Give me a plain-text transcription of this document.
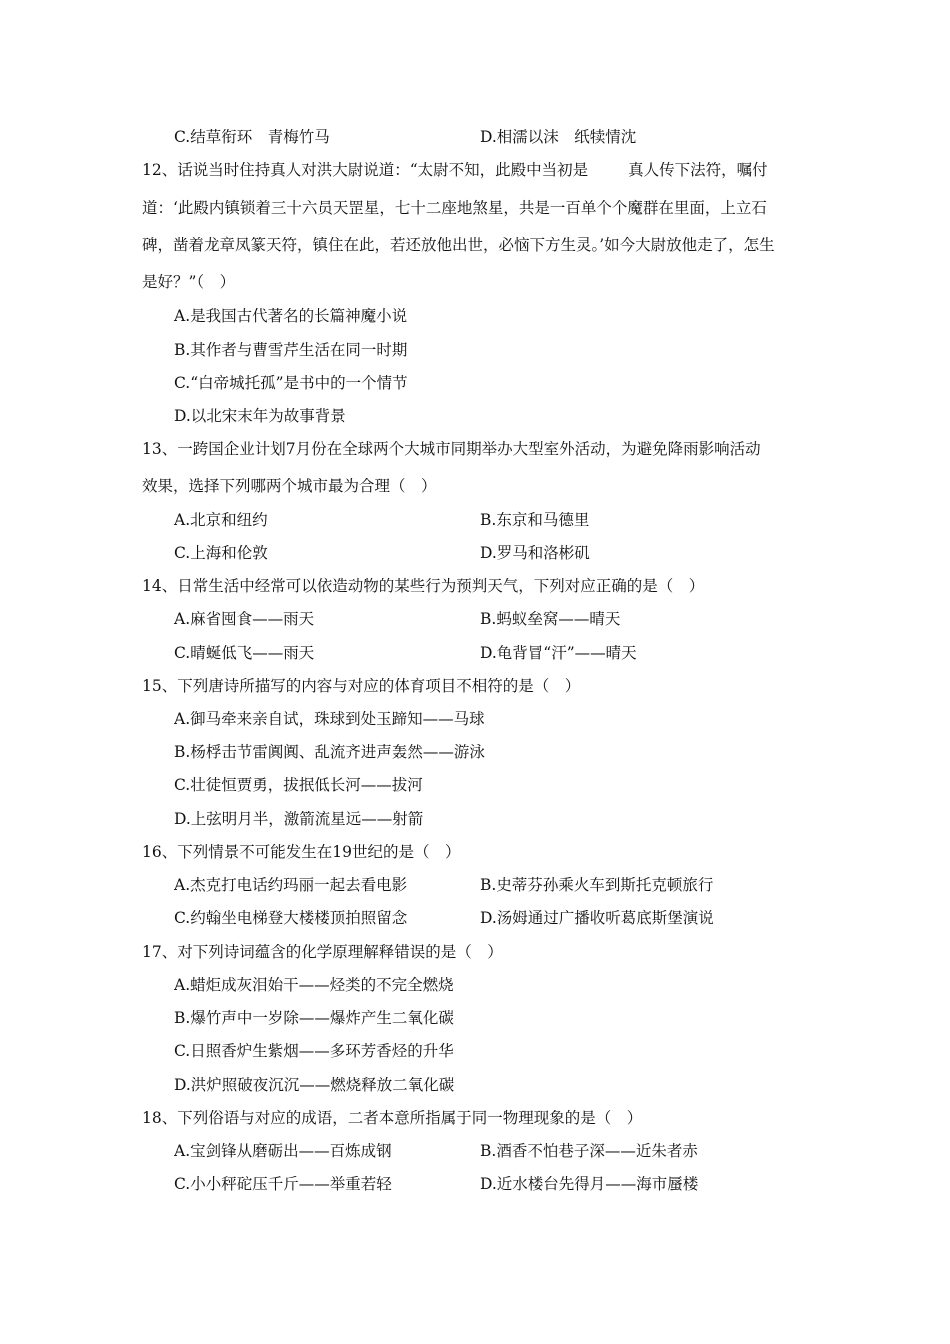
C.结草衔环　青梅竹马	D.相濡以沫　纸犊情沈
12、话说当时住持真人对洪大尉说道：“太尉不知，此殿中当初是	真人传下法符，嘱付
道：‘此殿内镇锁着三十六员天罡星，七十二座地煞星，共是一百单个个魔群在里面，上立石
碑，凿着龙章凤篆天符，镇住在此，若还放他出世，必恼下方生灵。’如今大尉放他走了，怎生
是好？”（　）
A.是我国古代著名的长篇神魔小说
B.其作者与曹雪芹生活在同一时期
C.“白帝城托孤”是书中的一个情节
D.以北宋末年为故事背景
13、一跨国企业计划7月份在全球两个大城市同期举办大型室外活动，为避免降雨影响活动
效果，选择下列哪两个城市最为合理（　）
A.北京和纽约	B.东京和马德里
C.上海和伦敦	D.罗马和洛彬矶
14、日常生活中经常可以依造动物的某些行为预判天气，下列对应正确的是（　）
A.麻省囤食——雨天	B.蚂蚁垒窝——晴天
C.晴蜒低飞——雨天	D.龟背冒“汗”——晴天
15、下列唐诗所描写的内容与对应的体育项目不相符的是（　）
A.御马牵来亲自试，珠球到处玉蹄知——马球
B.杨桴击节雷阗阗、乱流齐进声轰然——游泳
C.壮徒恒贾勇，拔抿低长河——拔河
D.上弦明月半，激箭流星远——射箭
16、下列情景不可能发生在19世纪的是（　）
A.杰克打电话约玛丽一起去看电影	B.史蒂芬孙乘火车到斯托克顿旅行
C.约翰坐电梯登大楼楼顶拍照留念	D.汤姆通过广播收听葛底斯堡演说
17、对下列诗词蕴含的化学原理解释错误的是（　）
A.蜡炬成灰泪始干——烃类的不完全燃烧
B.爆竹声中一岁除——爆炸产生二氧化碳
C.日照香炉生紫烟——多环芳香烃的升华
D.洪炉照破夜沉沉——燃烧释放二氧化碳
18、下列俗语与对应的成语，二者本意所指属于同一物理现象的是（　）
A.宝剑锋从磨砺出——百炼成钢	B.酒香不怕巷子深——近朱者赤
C.小小秤砣压千斤——举重若轻	D.近水楼台先得月——海市蜃楼
